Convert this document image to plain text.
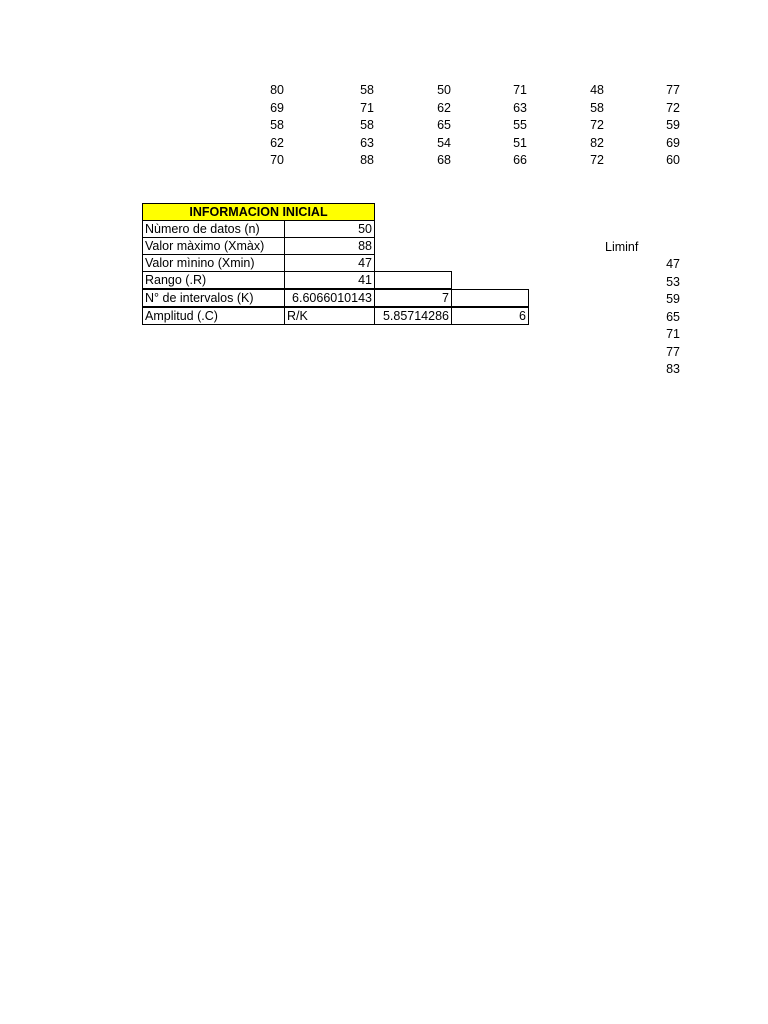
80	58	50	71	48	77
69	71	62	63	58	72
58	58	65	55	72	59
62	63	54	51	82	69
70	88	68	66	72	60
INFORMACION INICIAL
Nùmero de datos (n)	50
Valor màximo (Xmàx)	88
Valor mìnino (Xmin)	47
Rango (.R)	41
N° de intervalos (K)	6.6066010143	7
Amplitud (.C)	R/K	5.85714286	6
Liminf
47
53
59
65
71
77
83
